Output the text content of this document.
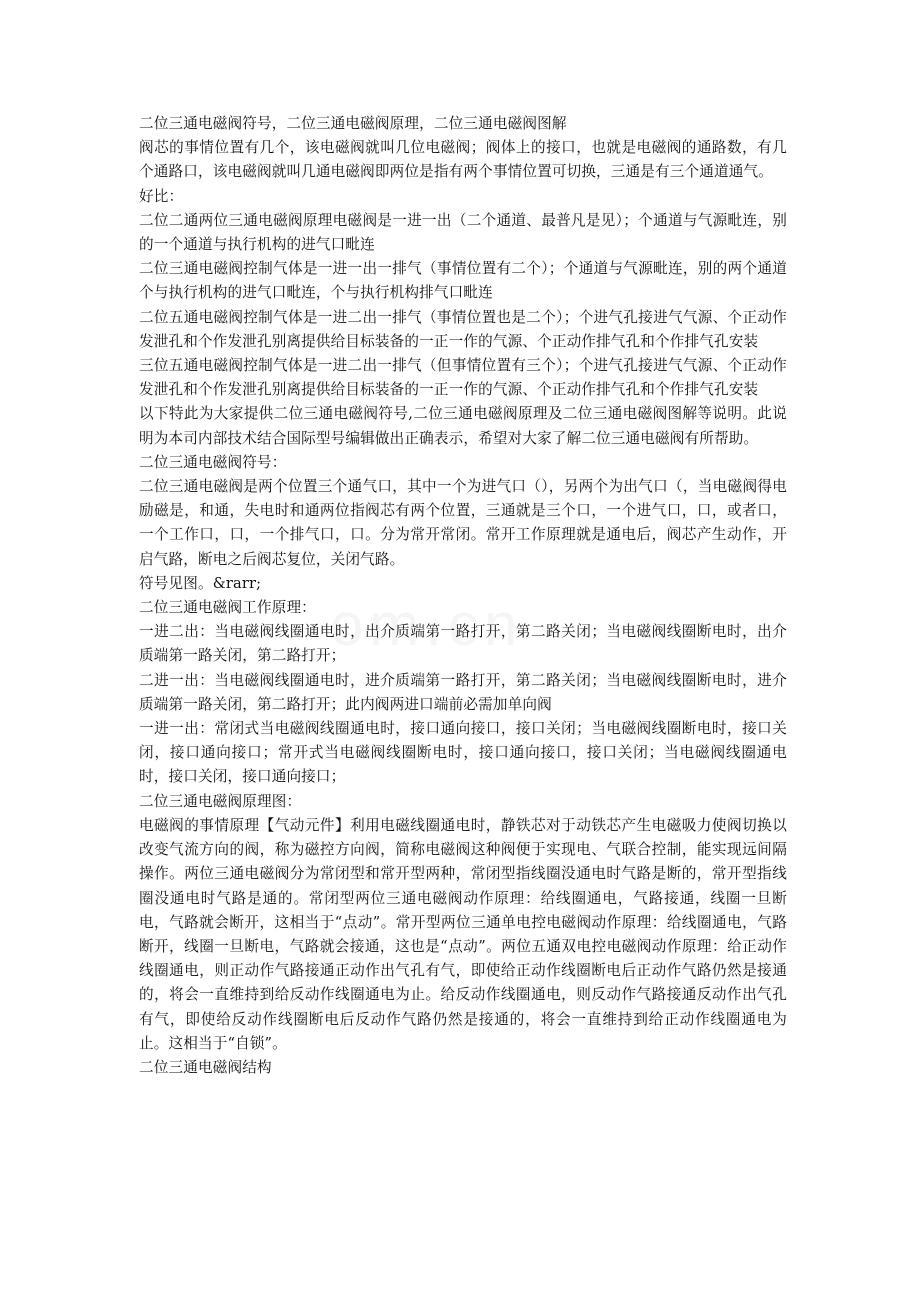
om.cn

二位三通电磁阀符号，二位三通电磁阀原理，二位三通电磁阀图解

阀芯的事情位置有几个，该电磁阀就叫几位电磁阀；阀体上的接口，也就是电磁阀的通路数，有几个通路口，该电磁阀就叫几通电磁阀即两位是指有两个事情位置可切换，三通是有三个通道通气。

好比：

二位二通两位三通电磁阀原理电磁阀是一进一出（二个通道、最普凡是见）；个通道与气源毗连，别的一个通道与执行机构的进气口毗连

二位三通电磁阀控制气体是一进一出一排气（事情位置有二个）；个通道与气源毗连，别的两个通道个与执行机构的进气口毗连，个与执行机构排气口毗连

二位五通电磁阀控制气体是一进二出一排气（事情位置也是二个）；个进气孔接进气气源、个正动作发泄孔和个作发泄孔别离提供给目标装备的一正一作的气源、个正动作排气孔和个作排气孔安装

三位五通电磁阀控制气体是一进二出一排气（但事情位置有三个）；个进气孔接进气气源、个正动作发泄孔和个作发泄孔别离提供给目标装备的一正一作的气源、个正动作排气孔和个作排气孔安装

以下特此为大家提供二位三通电磁阀符号,二位三通电磁阀原理及二位三通电磁阀图解等说明。此说明为本司内部技术结合国际型号编辑做出正确表示，希望对大家了解二位三通电磁阀有所帮助。

二位三通电磁阀符号：

二位三通电磁阀是两个位置三个通气口，其中一个为进气口（），另两个为出气口（，当电磁阀得电励磁是，和通，失电时和通两位指阀芯有两个位置，三通就是三个口，一个进气口，口，或者口，一个工作口，口，一个排气口，口。分为常开常闭。常开工作原理就是通电后，阀芯产生动作，开启气路，断电之后阀芯复位，关闭气路。

符号见图。&rarr;

二位三通电磁阀工作原理：

一进二出：当电磁阀线圈通电时，出介质端第一路打开，第二路关闭；当电磁阀线圈断电时，出介质端第一路关闭，第二路打开；

二进一出：当电磁阀线圈通电时，进介质端第一路打开，第二路关闭；当电磁阀线圈断电时，进介质端第一路关闭，第二路打开；此内阀两进口端前必需加单向阀

一进一出：常闭式当电磁阀线圈通电时，接口通向接口，接口关闭；当电磁阀线圈断电时，接口关闭，接口通向接口；常开式当电磁阀线圈断电时，接口通向接口，接口关闭；当电磁阀线圈通电时，接口关闭，接口通向接口；

二位三通电磁阀原理图：

电磁阀的事情原理【气动元件】利用电磁线圈通电时，静铁芯对于动铁芯产生电磁吸力使阀切换以改变气流方向的阀，称为磁控方向阀，简称电磁阀这种阀便于实现电、气联合控制，能实现远间隔操作。两位三通电磁阀分为常闭型和常开型两种，常闭型指线圈没通电时气路是断的，常开型指线圈没通电时气路是通的。常闭型两位三通电磁阀动作原理：给线圈通电，气路接通，线圈一旦断电，气路就会断开，这相当于“点动”。常开型两位三通单电控电磁阀动作原理：给线圈通电，气路断开，线圈一旦断电，气路就会接通，这也是“点动”。两位五通双电控电磁阀动作原理：给正动作线圈通电，则正动作气路接通正动作出气孔有气，即使给正动作线圈断电后正动作气路仍然是接通的，将会一直维持到给反动作线圈通电为止。给反动作线圈通电，则反动作气路接通反动作出气孔有气，即使给反动作线圈断电后反动作气路仍然是接通的，将会一直维持到给正动作线圈通电为止。这相当于“自锁”。

二位三通电磁阀结构
